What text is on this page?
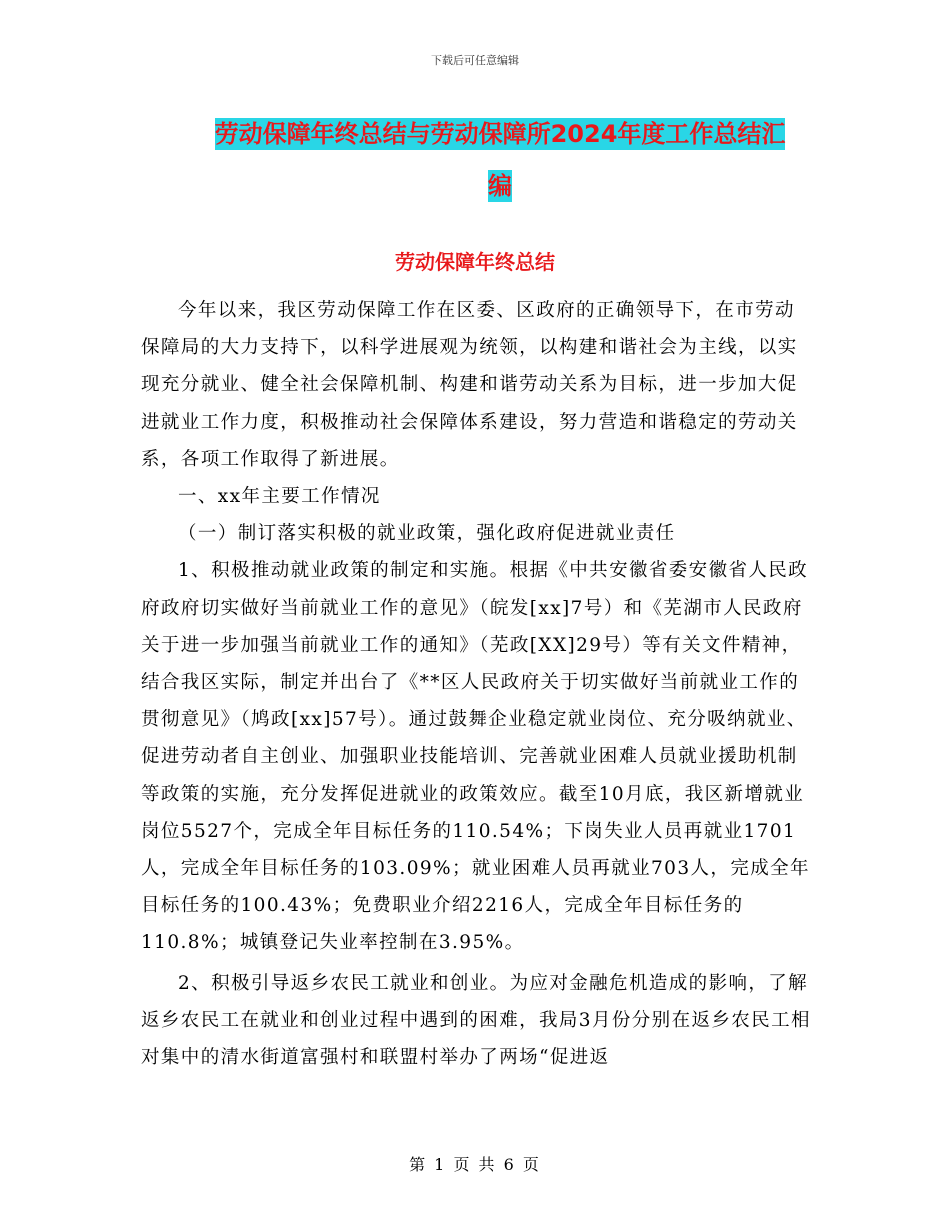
下载后可任意编辑
劳动保障年终总结与劳动保障所2024年度工作总结汇
编
劳动保障年终总结

今年以来，我区劳动保障工作在区委、区政府的正确领导下，在市劳动保障局的大力支持下，以科学进展观为统领，以构建和谐社会为主线，以实现充分就业、健全社会保障机制、构建和谐劳动关系为目标，进一步加大促进就业工作力度，积极推动社会保障体系建设，努力营造和谐稳定的劳动关系，各项工作取得了新进展。

一、xx年主要工作情况

（一）制订落实积极的就业政策，强化政府促进就业责任

1、积极推动就业政策的制定和实施。根据《中共安徽省委安徽省人民政府政府切实做好当前就业工作的意见》（皖发[xx]7号）和《芜湖市人民政府关于进一步加强当前就业工作的通知》（芜政[XX]29号）等有关文件精神，结合我区实际，制定并出台了《**区人民政府关于切实做好当前就业工作的贯彻意见》（鸠政[xx]57号）。通过鼓舞企业稳定就业岗位、充分吸纳就业、促进劳动者自主创业、加强职业技能培训、完善就业困难人员就业援助机制等政策的实施，充分发挥促进就业的政策效应。截至10月底，我区新增就业岗位5527个，完成全年目标任务的110.54%；下岗失业人员再就业1701人，完成全年目标任务的103.09%；就业困难人员再就业703人，完成全年目标任务的100.43%；免费职业介绍2216人，完成全年目标任务的110.8%；城镇登记失业率控制在3.95%。

2、积极引导返乡农民工就业和创业。为应对金融危机造成的影响，了解返乡农民工在就业和创业过程中遇到的困难，我局3月份分别在返乡农民工相对集中的清水街道富强村和联盟村举办了两场“促进返

第 1 页 共 6 页
